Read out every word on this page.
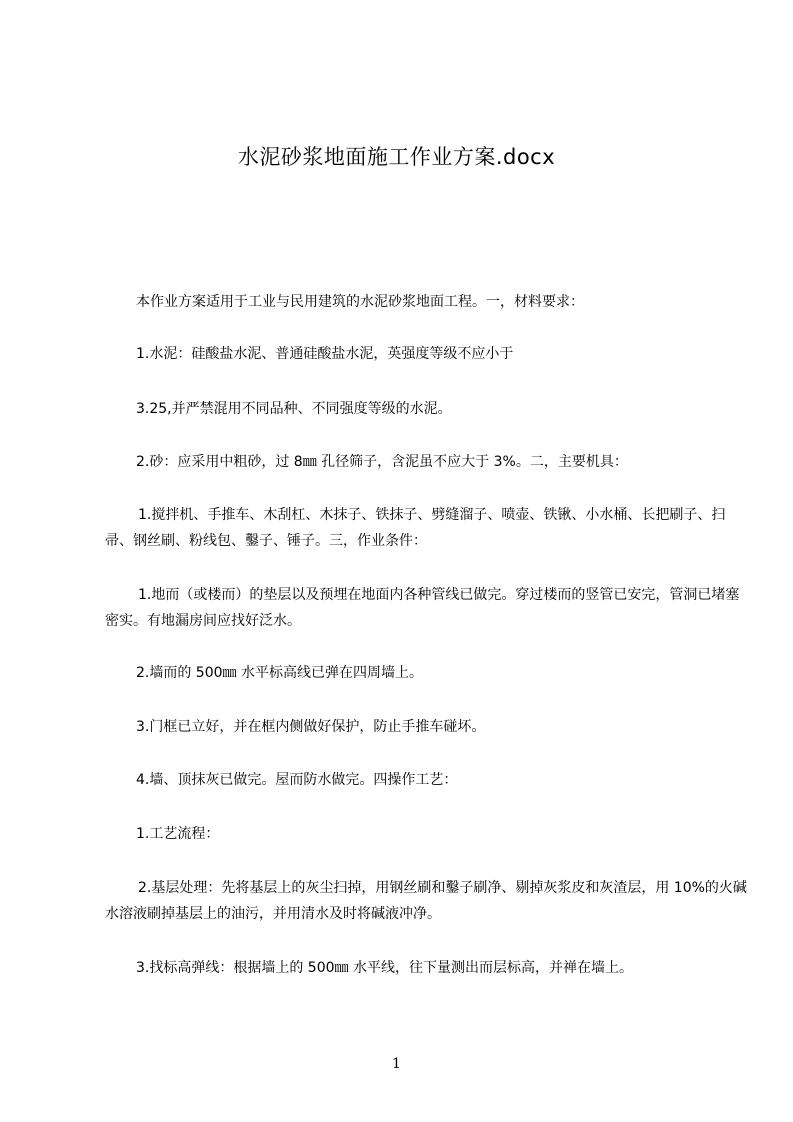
水泥砂浆地面施工作业方案.docx
本作业方案适用于工业与民用建筑的水泥砂浆地面工程。一，材料要求：
1.水泥：硅酸盐水泥、普通硅酸盐水泥，英强度等级不应小于
3.25,并严禁混用不同品种、不同强度等级的水泥。
2.砂：应采用中粗砂，过 8㎜ 孔径筛子，含泥虽不应大于 3%。二，主要机具：
1.搅拌机、手推车、木刮杠、木抹子、铁抹子、劈缝溜子、喷壶、铁锹、小水桶、长把刷子、扫帚、钢丝刷、粉线包、鑿子、锤子。三，作业条件：
1.地而（或楼而）的垫层以及预埋在地面内各种管线已做完。穿过楼而的竖管已安完，管洞已堵塞密实。有地漏房间应找好泛水。
2.墙而的 500㎜ 水平标高线已弹在四周墙上。
3.门框已立好，并在框内侧做好保护，防止手推车碰坏。
4.墙、顶抹灰已做完。屋而防水做完。四操作工艺：
1.工艺流程：
2.基层处理：先将基层上的灰尘扫掉，用钢丝刷和鑿子刷净、剔掉灰浆皮和灰渣层，用 10%的火碱水溶液刷掉基层上的油污，并用清水及时将碱液冲净。
3.找标高弹线：根据墙上的 500㎜ 水平线，往下量测出而层标高，并禅在墙上。
1
